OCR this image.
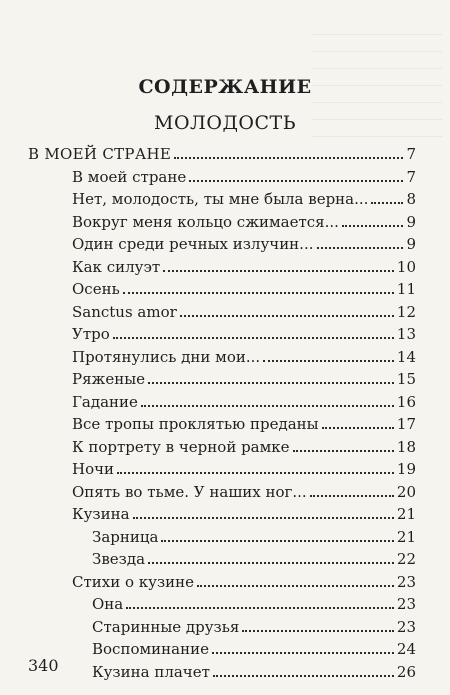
СОДЕРЖАНИЕ
МОЛОДОСТЬ
В МОЕЙ СТРАНЕ	7
В моей стране	7
Нет, молодость, ты мне была верна...	8
Вокруг меня кольцо сжимается...	9
Один среди речных излучин...	9
Как силуэт	10
Осень	11
Sanctus amor	12
Утро	13
Протянулись дни мои...	14
Ряженые	15
Гадание	16
Все тропы проклятью преданы	17
К портрету в черной рамке	18
Ночи	19
Опять во тьме. У наших ног...	20
Кузина	21
Зарница	21
Звезда	22
Стихи о кузине	23
Она	23
Старинные друзья	23
Воспоминание	24
Кузина плачет	26
340
